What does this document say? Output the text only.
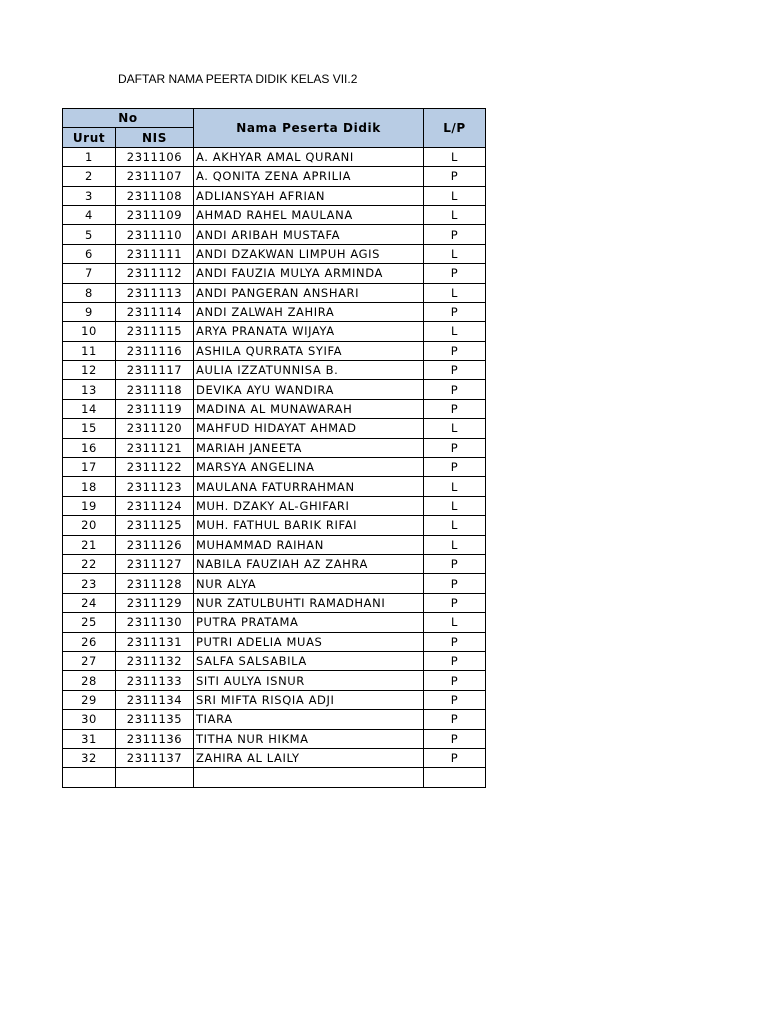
DAFTAR NAMA PEERTA DIDIK KELAS VII.2
No		Nama Peserta Didik	L/P
Urut	NIS		
1	2311106	A. AKHYAR AMAL QURANI	L
2	2311107	A. QONITA ZENA APRILIA	P
3	2311108	ADLIANSYAH AFRIAN	L
4	2311109	AHMAD RAHEL MAULANA	L
5	2311110	ANDI ARIBAH MUSTAFA	P
6	2311111	ANDI DZAKWAN LIMPUH AGIS	L
7	2311112	ANDI FAUZIA MULYA ARMINDA	P
8	2311113	ANDI PANGERAN ANSHARI	L
9	2311114	ANDI ZALWAH ZAHIRA	P
10	2311115	ARYA PRANATA WIJAYA	L
11	2311116	ASHILA QURRATA SYIFA	P
12	2311117	AULIA IZZATUNNISA B.	P
13	2311118	DEVIKA AYU WANDIRA	P
14	2311119	MADINA AL MUNAWARAH	P
15	2311120	MAHFUD HIDAYAT AHMAD	L
16	2311121	MARIAH JANEETA	P
17	2311122	MARSYA ANGELINA	P
18	2311123	MAULANA FATURRAHMAN	L
19	2311124	MUH. DZAKY AL-GHIFARI	L
20	2311125	MUH. FATHUL BARIK RIFAI	L
21	2311126	MUHAMMAD RAIHAN	L
22	2311127	NABILA FAUZIAH AZ ZAHRA	P
23	2311128	NUR ALYA	P
24	2311129	NUR ZATULBUHTI RAMADHANI	P
25	2311130	PUTRA PRATAMA	L
26	2311131	PUTRI ADELIA MUAS	P
27	2311132	SALFA SALSABILA	P
28	2311133	SITI AULYA ISNUR	P
29	2311134	SRI MIFTA RISQIA ADJI	P
30	2311135	TIARA	P
31	2311136	TITHA NUR HIKMA	P
32	2311137	ZAHIRA AL LAILY	P
